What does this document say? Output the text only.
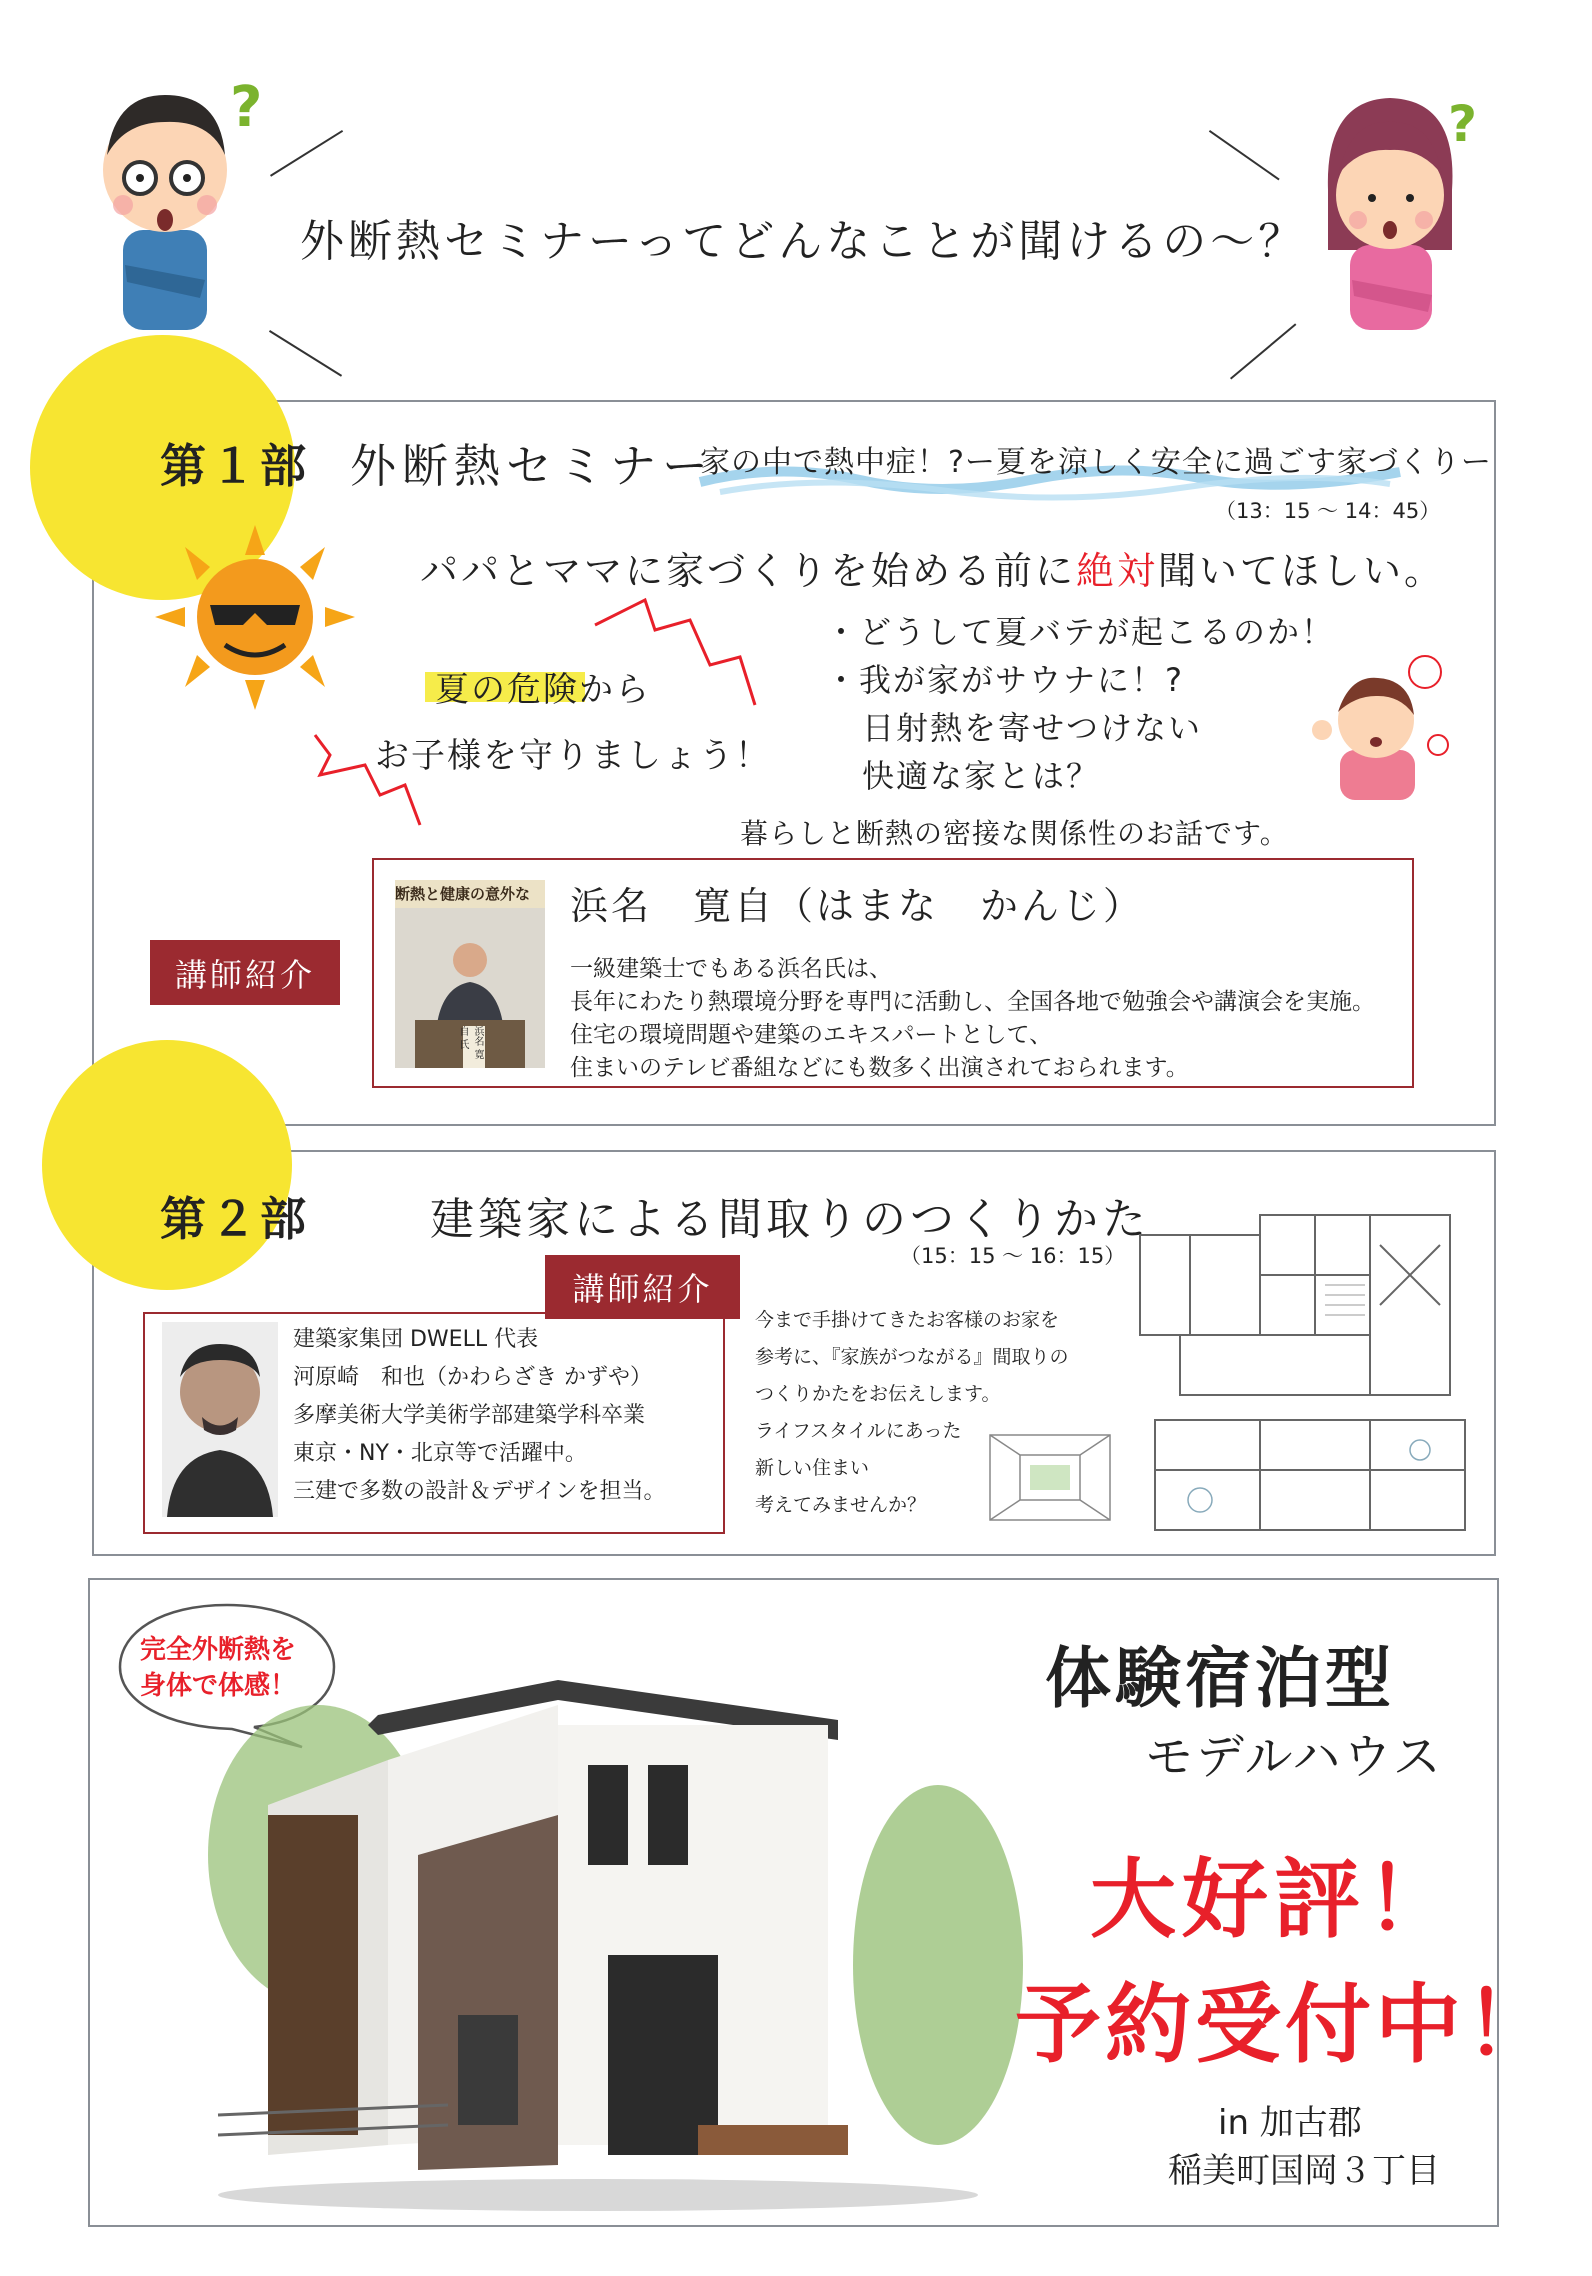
?	?
外断熱セミナーってどんなことが聞けるの～？
第１部 外断熱セミナー
家の中で熱中症！?ー夏を涼しく安全に過ごす家づくりー
（13：15 ～ 14：45）
パパとママに家づくりを始める前に絶対聞いてほしい。
夏の危険から
お子様を守りましょう！
・どうして夏バテが起こるのか！
・我が家がサウナに！?
日射熱を寄せつけない
快適な家とは？
暮らしと断熱の密接な関係性のお話です。
講師紹介
断熱と健康の意外な
浜名 寛自 氏
浜名　寛自（はまな　かんじ）
一級建築士でもある浜名氏は、
長年にわたり熱環境分野を専門に活動し、全国各地で勉強会や講演会を実施。
住宅の環境問題や建築のエキスパートとして、
住まいのテレビ番組などにも数多く出演されておられます。
第２部	建築家による間取りのつくりかた
（15：15 ～ 16：15）
講師紹介
建築家集団 DWELL 代表
河原崎　和也（かわらざき かずや）
多摩美術大学美術学部建築学科卒業
東京・NY・北京等で活躍中。
三建で多数の設計＆デザインを担当。
今まで手掛けてきたお客様のお家を
参考に、『家族がつながる』間取りの
つくりかたをお伝えします。
ライフスタイルにあった
新しい住まい
考えてみませんか？
完全外断熱を
身体で体感！	体験宿泊型
モデルハウス
大好評！
予約受付中！
in 加古郡
稲美町国岡３丁目
